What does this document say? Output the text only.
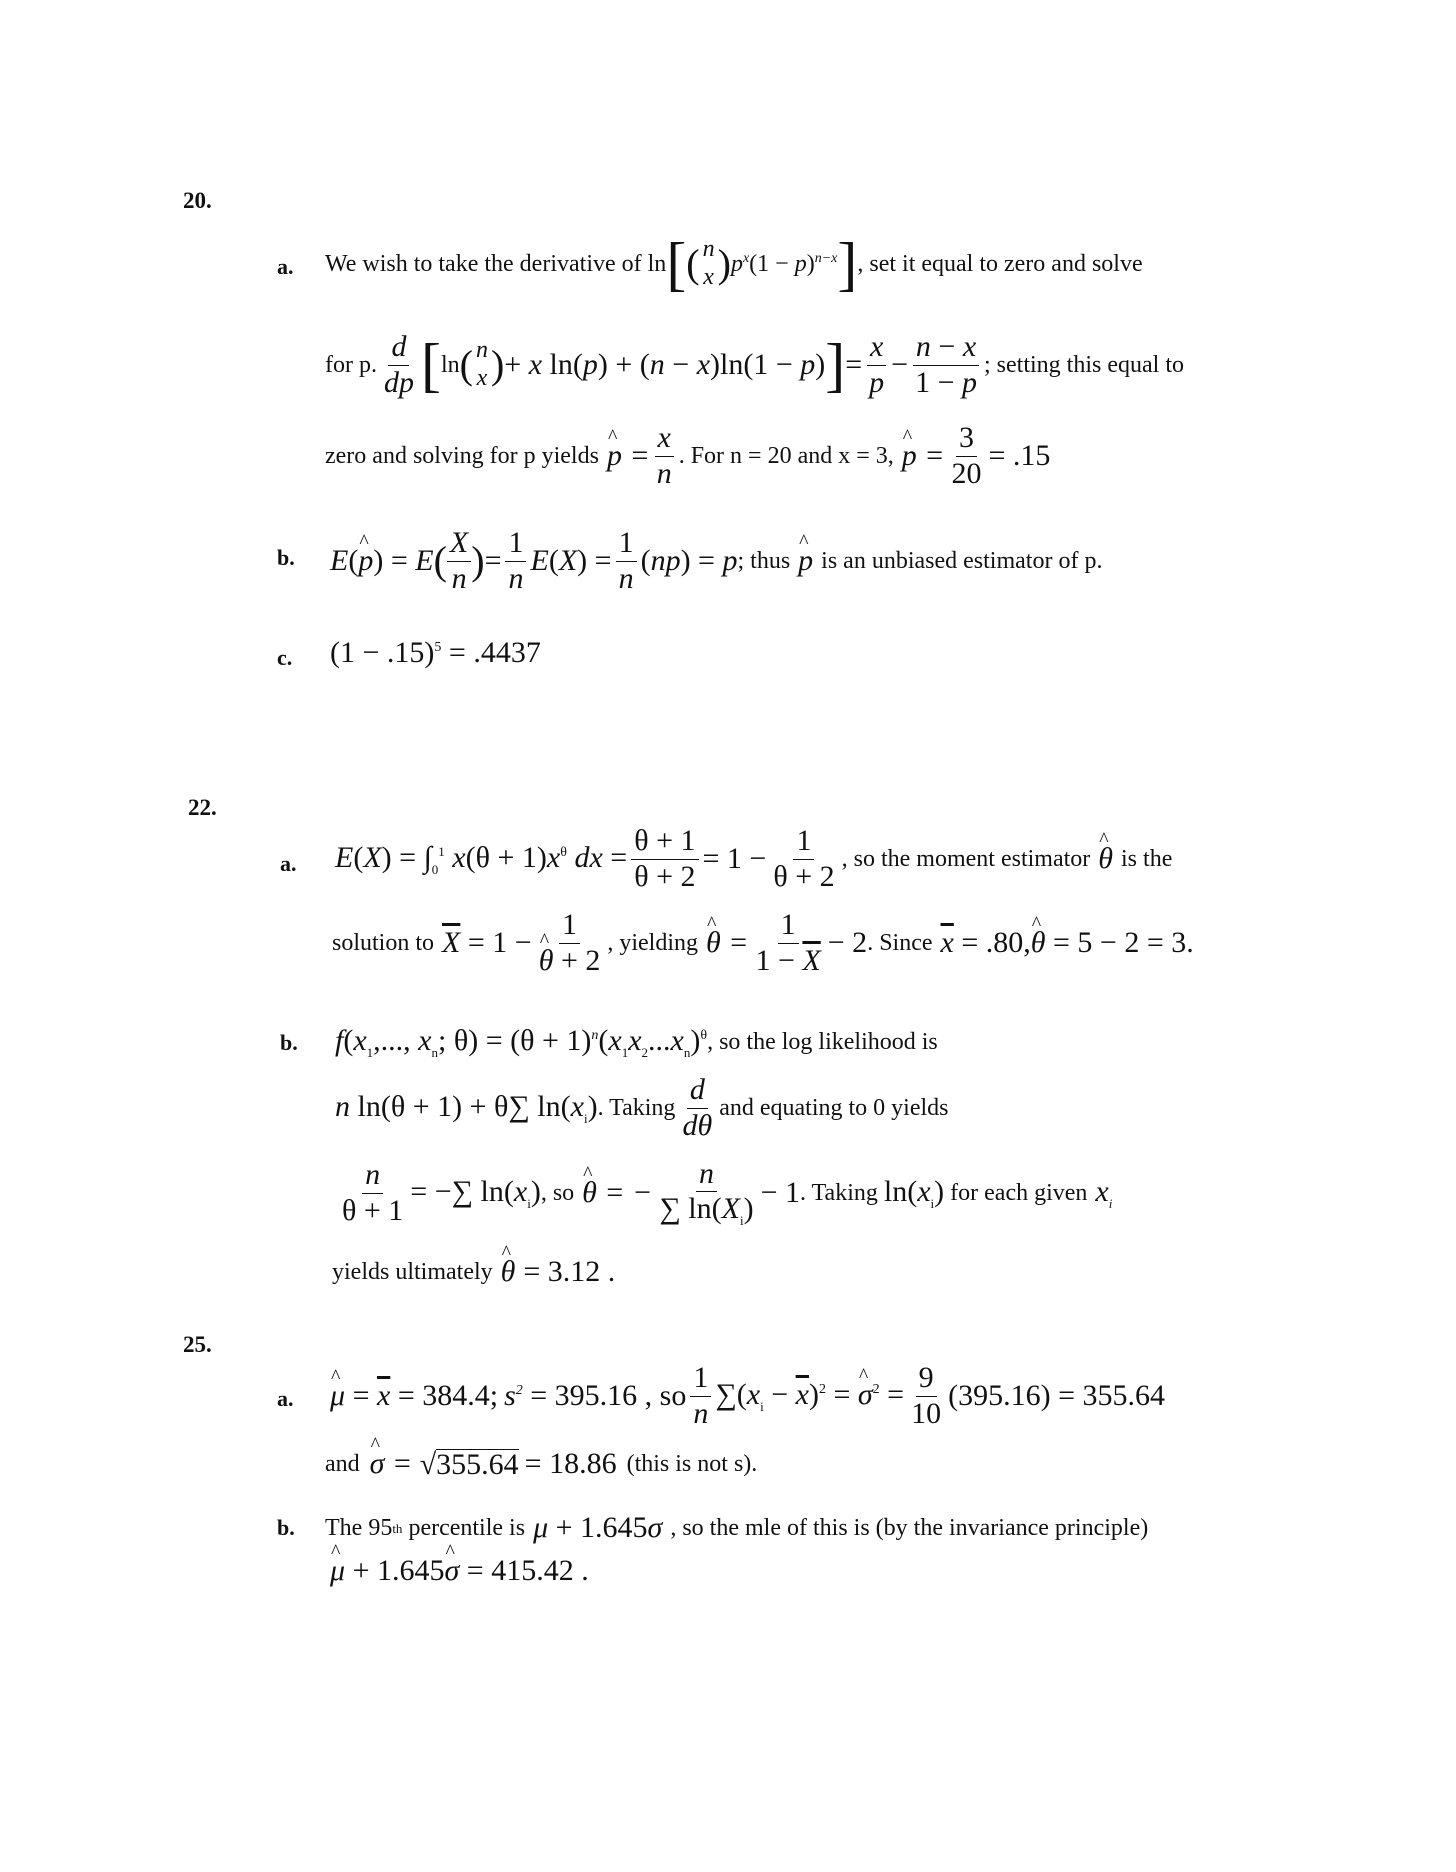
20.
a. We wish to take the derivative of ln [ ( n
x ) $p^x$ $(1 - p)^{n-x}$ ] , set it equal to zero and solve
for p. $\frac{d}{dp}$ [ ln ( n
x ) + x ln(p) + (n − x)ln(1 − p) ] = $\frac{x}{p} - \frac{n - x}{1 - p}$ ; setting this equal to
zero and solving for p yields ^ $p = \frac{x}{n}$ . For n = 20 and x = 3, ^ $p = \frac{3}{20} = .15$
b. E(^ p) = E ( $\frac{X}{n}$ ) = $\frac{1}{n} E(X) = \frac{1}{n} (np) = p$ ; thus ^ p is an unbiased estimator of p.
c. $(1 - .15)^5 = .4437$
22.
a. $E(X) = \int_0^1$ $x(\theta + 1)x^\theta$ dx = $\frac{\theta + 1}{\theta + 2} = 1 - \frac{1}{\theta + 2}$ , so the moment estimator ^ θ is the
solution to $\overline{X} = 1 - 1$
^ θ + 2 , yielding ^ $\theta = \frac{1}{1 - \overline{X}} - 2$ . Since $\overline{x} = .80$, ^ θ = 5 − 2 = 3.
b. $f(x_1$,..., $x_n$; $\theta) = (\theta + 1)^n(x_1x_2...x_n)^\theta$ , so the log likelihood is
n ln(θ + 1) + θ∑ $\ln(x_i)$ . Taking $\frac{d}{d\theta}$ and equating to 0 yields
$\frac{n}{\theta + 1}$ = −∑ $\ln(x_i)$ , so ^ θ = − $\frac{n}{\sum \ln(X_i)} - 1$ . Taking $\ln(x_i)$ for each given $x_i$
yields ultimately ^ θ = 3.12 .
25.
a. ^ $\mu = \overline{x} = 384.4$; $s^2 = 395.16$ , so $\frac{1}{n} \sum(x_i - \overline{x})^2$ = ^ $\sigma^2 = \frac{9}{10} (395.16) = 355.64$
and ^ σ = √ 355.64 = 18.86 (this is not s).
b. The 95 th percentile is μ + 1.645σ , so the mle of this is (by the invariance principle)
^ μ + 1.645^ σ = 415.42 .
